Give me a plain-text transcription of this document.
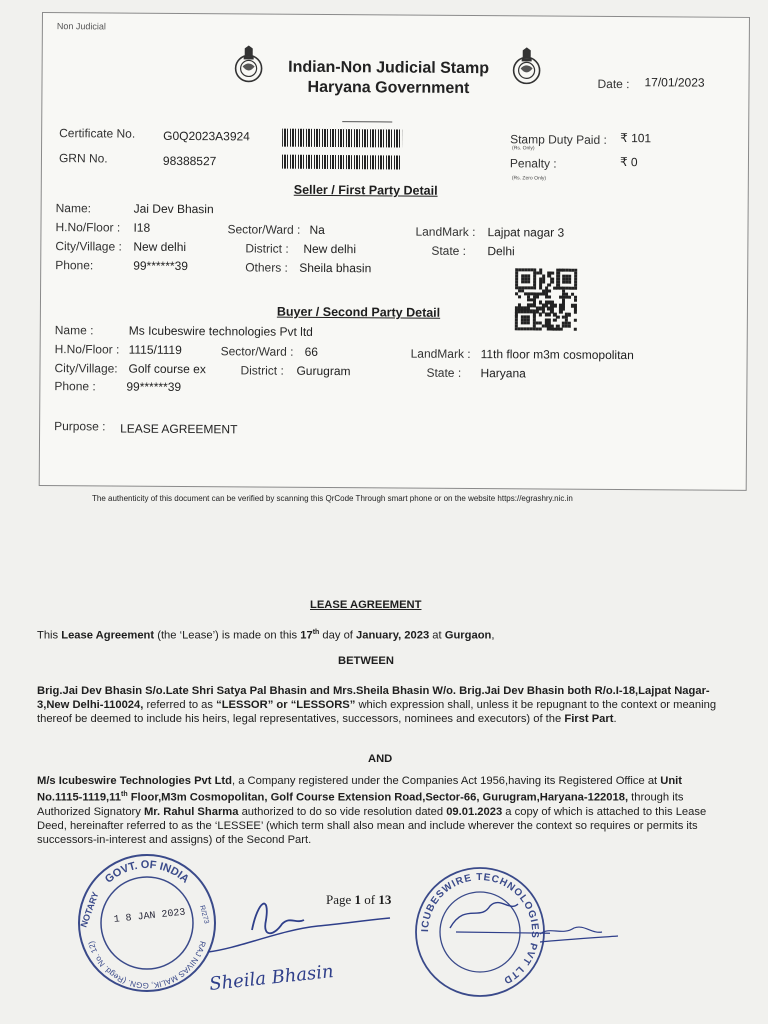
Non Judicial
Indian-Non Judicial Stamp
Haryana Government	Date : 17/01/2023
Certificate No. G0Q2023A3924
GRN No.	98388527
Stamp Duty Paid :
(Rs. Only)
₹ 101
Penalty :	₹ 0
(Rs. Zero Only)
Seller / First Party Detail
Name:	Jai Dev Bhasin
H.No/Floor : I18	Sector/Ward : Na	LandMark : Lajpat nagar 3
City/Village : New delhi	District : New delhi	State : Delhi
Phone:	99******39	Others : Sheila bhasin
Buyer / Second Party Detail
Name :	Ms Icubeswire technologies Pvt ltd
H.No/Floor : 1115/1119	Sector/Ward : 66	LandMark : 11th floor m3m cosmopolitan
City/Village: Golf course ex	District : Gurugram	State : Haryana
Phone :	99******39
Purpose : LEASE AGREEMENT
The authenticity of this document can be verified by scanning this QrCode Through smart phone or on the website https://egrashry.nic.in
LEASE AGREEMENT
This Lease Agreement (the ‘Lease’) is made on this 17th day of January, 2023 at Gurgaon,
BETWEEN
Brig.Jai Dev Bhasin S/o.Late Shri Satya Pal Bhasin and Mrs.Sheila Bhasin W/o. Brig.Jai Dev Bhasin both R/o.I-18,Lajpat Nagar-3,New Delhi-110024, referred to as “LESSOR” or “LESSORS” which expression shall, unless it be repugnant to the context or meaning thereof be deemed to include his heirs, legal representatives, successors, nominees and executors) of the First Part.
AND
M/s Icubeswire Technologies Pvt Ltd, a Company registered under the Companies Act 1956,having its Registered Office at Unit No.1115-1119,11th Floor,M3m Cosmopolitan, Golf Course Extension Road,Sector-66, Gurugram,Haryana-122018, through its Authorized Signatory Mr. Rahul Sharma authorized to do so vide resolution dated 09.01.2023 a copy of which is attached to this Lease Deed, hereinafter referred to as the ‘LESSEE’ (which term shall also mean and include wherever the context so requires or permits its successors-in-interest and assigns) of the Second Part.
Page 1 of 13
GOVT. OF INDIA
RAJ NIVAS MALIK, GGN. (Regd. No. 12)
NOTARY	R/273
1 8 JAN 2023
Sheila Bhasin
ICUBESWIRE TECHNOLOGIES PVT LTD
